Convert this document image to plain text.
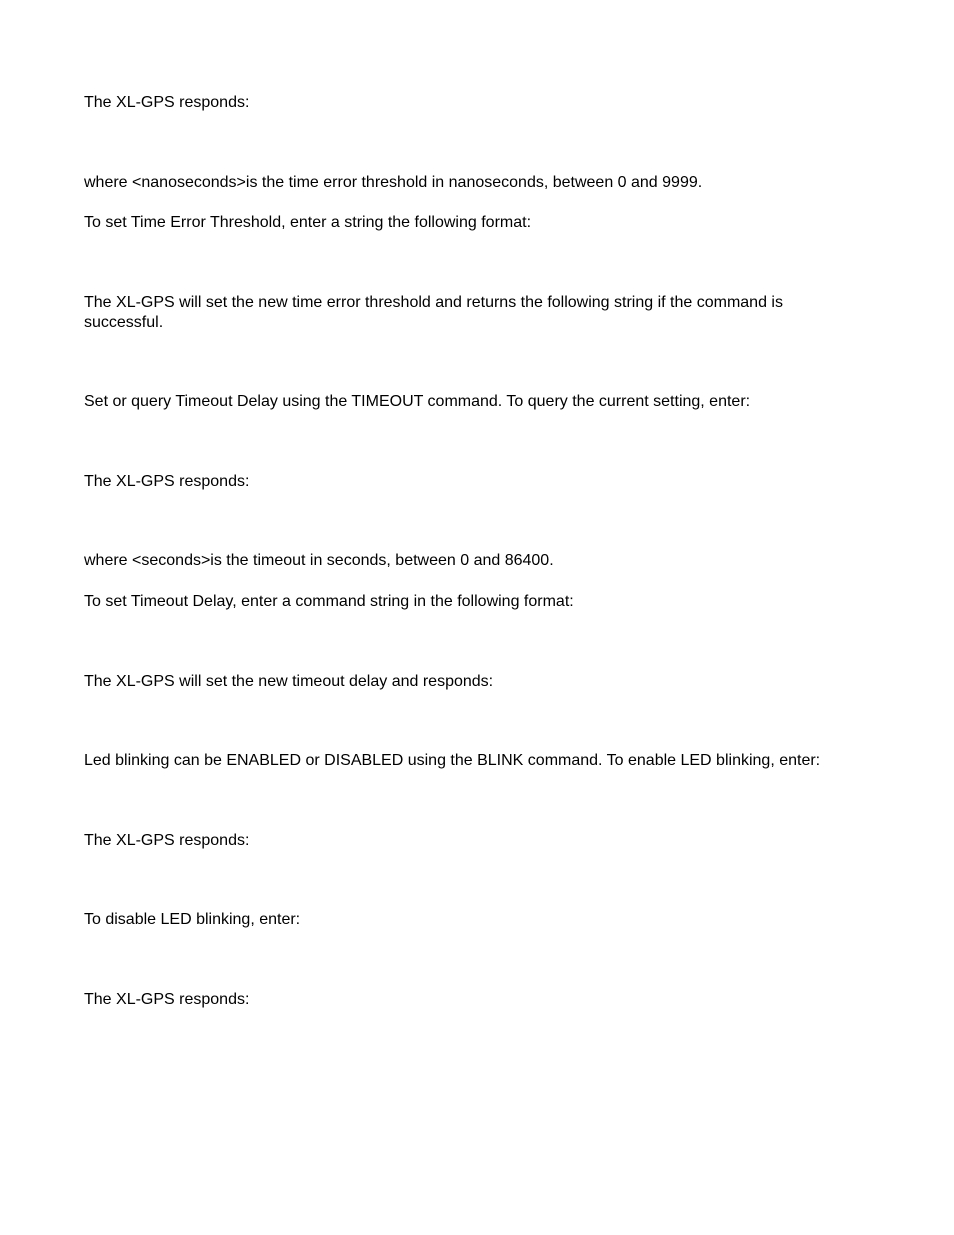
The XL-GPS responds:

where <nanoseconds>is the time error threshold in nanoseconds, between 0 and 9999.

To set Time Error Threshold, enter a string the following format:

The XL-GPS will set the new time error threshold and returns the following string if the command is successful.

Set or query Timeout Delay using the TIMEOUT command. To query the current setting, enter:

The XL-GPS responds:

where <seconds>is the timeout in seconds, between 0 and 86400.

To set Timeout Delay, enter a command string in the following format:

The XL-GPS will set the new timeout delay and responds:

Led blinking can be ENABLED or DISABLED using the BLINK command. To enable LED blinking, enter:

The XL-GPS responds:

To disable LED blinking, enter:

The XL-GPS responds:
